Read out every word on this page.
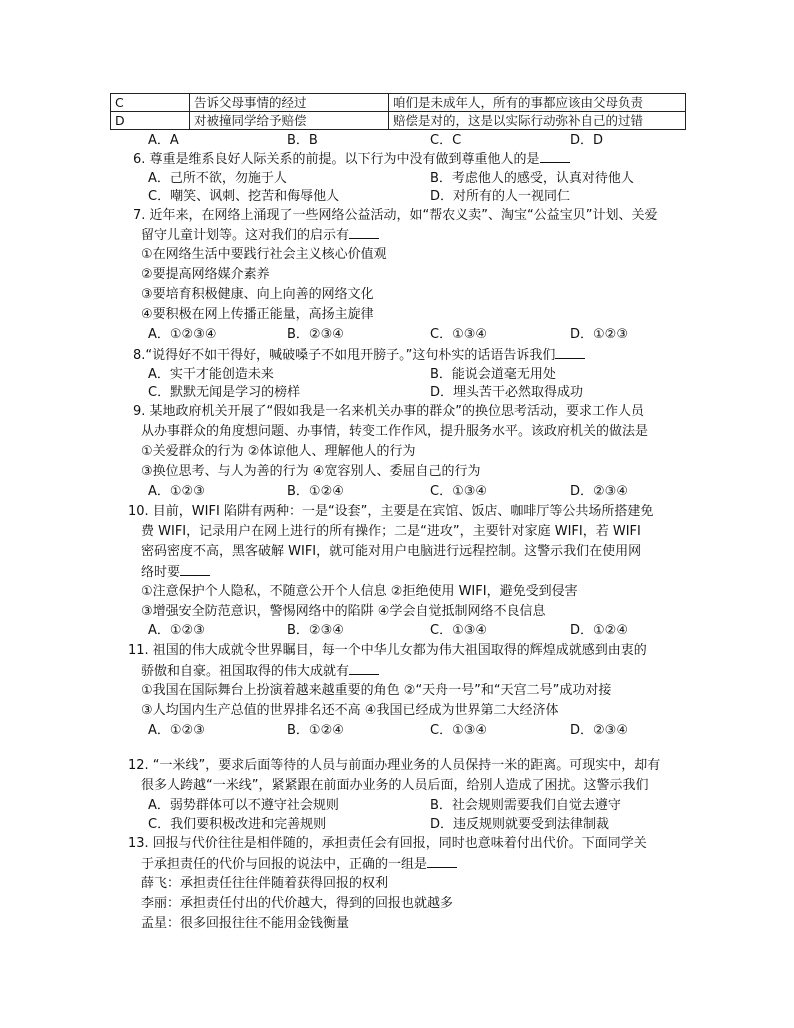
C	告诉父母事情的经过	咱们是未成年人，所有的事都应该由父母负责
D	对被撞同学给予赔偿	赔偿是对的，这是以实际行动弥补自己的过错
A．A	B．B	C．C	D．D
6. 尊重是维系良好人际关系的前提。以下行为中没有做到尊重他人的是
A．己所不欲，勿施于人	B．考虑他人的感受，认真对待他人
C．嘲笑、讽刺、挖苦和侮辱他人	D．对所有的人一视同仁
7. 近年来，在网络上涌现了一些网络公益活动，如“帮农义卖”、淘宝“公益宝贝”计划、关爱
留守儿童计划等。这对我们的启示有
①在网络生活中要践行社会主义核心价值观
②要提高网络媒介素养
③要培育积极健康、向上向善的网络文化
④要积极在网上传播正能量，高扬主旋律
A．①②③④	B．②③④	C．①③④	D．①②③
8.“说得好不如干得好，喊破嗓子不如甩开膀子。”这句朴实的话语告诉我们
A．实干才能创造未来	B．能说会道毫无用处
C．默默无闻是学习的榜样	D．埋头苦干必然取得成功
9. 某地政府机关开展了“假如我是一名来机关办事的群众”的换位思考活动，要求工作人员
从办事群众的角度想问题、办事情，转变工作作风，提升服务水平。该政府机关的做法是
①关爱群众的行为 ②体谅他人、理解他人的行为
③换位思考、与人为善的行为 ④宽容别人、委屈自己的行为
A．①②③	B．①②④	C．①③④	D．②③④
10. 目前，WIFI 陷阱有两种：一是“设套”，主要是在宾馆、饭店、咖啡厅等公共场所搭建免
费 WIFI，记录用户在网上进行的所有操作；二是“进攻”，主要针对家庭 WIFI，若 WIFI
密码密度不高，黑客破解 WIFI，就可能对用户电脑进行远程控制。这警示我们在使用网
络时要
①注意保护个人隐私，不随意公开个人信息 ②拒绝使用 WIFI，避免受到侵害
③增强安全防范意识，警惕网络中的陷阱 ④学会自觉抵制网络不良信息
A．①②③	B．②③④	C．①③④	D．①②④
11. 祖国的伟大成就令世界瞩目，每一个中华儿女都为伟大祖国取得的辉煌成就感到由衷的
骄傲和自豪。祖国取得的伟大成就有
①我国在国际舞台上扮演着越来越重要的角色 ②“天舟一号”和“天宫二号”成功对接
③人均国内生产总值的世界排名还不高 ④我国已经成为世界第二大经济体
A．①②③	B．①②④	C．①③④	D．②③④
12. “一米线”，要求后面等待的人员与前面办理业务的人员保持一米的距离。可现实中，却有
很多人跨越“一米线”，紧紧跟在前面办业务的人员后面，给别人造成了困扰。这警示我们
A．弱势群体可以不遵守社会规则	B．社会规则需要我们自觉去遵守
C．我们要积极改进和完善规则	D．违反规则就要受到法律制裁
13. 回报与代价往往是相伴随的，承担责任会有回报，同时也意味着付出代价。下面同学关
于承担责任的代价与回报的说法中，正确的一组是
薛飞：承担责任往往伴随着获得回报的权利
李丽：承担责任付出的代价越大，得到的回报也就越多
孟星：很多回报往往不能用金钱衡量
